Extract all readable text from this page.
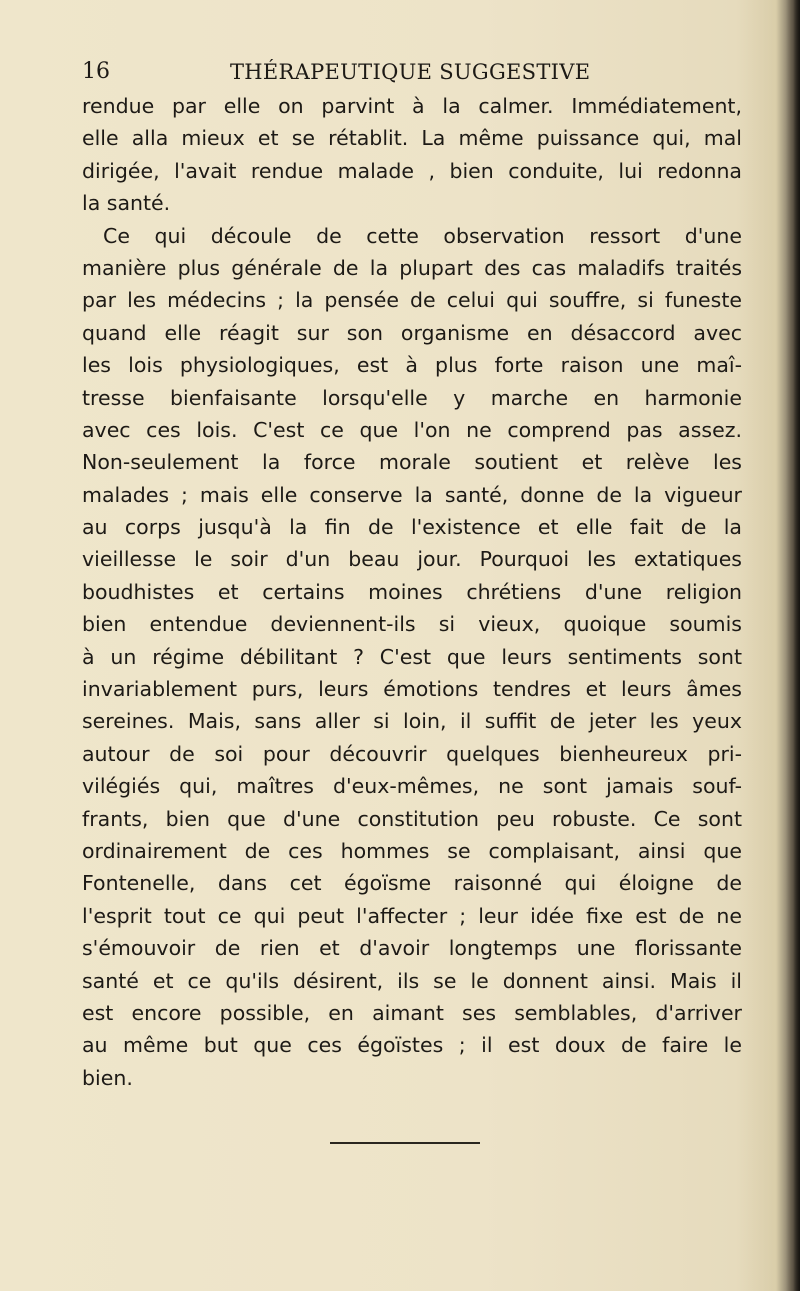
16	THÉRAPEUTIQUE SUGGESTIVE
rendue par elle on parvint à la calmer. Immédiatement,
elle alla mieux et se rétablit. La même puissance qui, mal
dirigée, l'avait rendue malade , bien conduite, lui redonna
la santé.
Ce qui découle de cette observation ressort d'une
manière plus générale de la plupart des cas maladifs traités
par les médecins ; la pensée de celui qui souffre, si funeste
quand elle réagit sur son organisme en désaccord avec
les lois physiologiques, est à plus forte raison une maî-
tresse bienfaisante lorsqu'elle y marche en harmonie
avec ces lois. C'est ce que l'on ne comprend pas assez.
Non-seulement la force morale soutient et relève les
malades ; mais elle conserve la santé, donne de la vigueur
au corps jusqu'à la fin de l'existence et elle fait de la
vieillesse le soir d'un beau jour. Pourquoi les extatiques
boudhistes et certains moines chrétiens d'une religion
bien entendue deviennent-ils si vieux, quoique soumis
à un régime débilitant ? C'est que leurs sentiments sont
invariablement purs, leurs émotions tendres et leurs âmes
sereines. Mais, sans aller si loin, il suffit de jeter les yeux
autour de soi pour découvrir quelques bienheureux pri-
vilégiés qui, maîtres d'eux-mêmes, ne sont jamais souf-
frants, bien que d'une constitution peu robuste. Ce sont
ordinairement de ces hommes se complaisant, ainsi que
Fontenelle, dans cet égoïsme raisonné qui éloigne de
l'esprit tout ce qui peut l'affecter ; leur idée fixe est de ne
s'émouvoir de rien et d'avoir longtemps une florissante
santé et ce qu'ils désirent, ils se le donnent ainsi. Mais il
est encore possible, en aimant ses semblables, d'arriver
au même but que ces égoïstes ; il est doux de faire le
bien.
